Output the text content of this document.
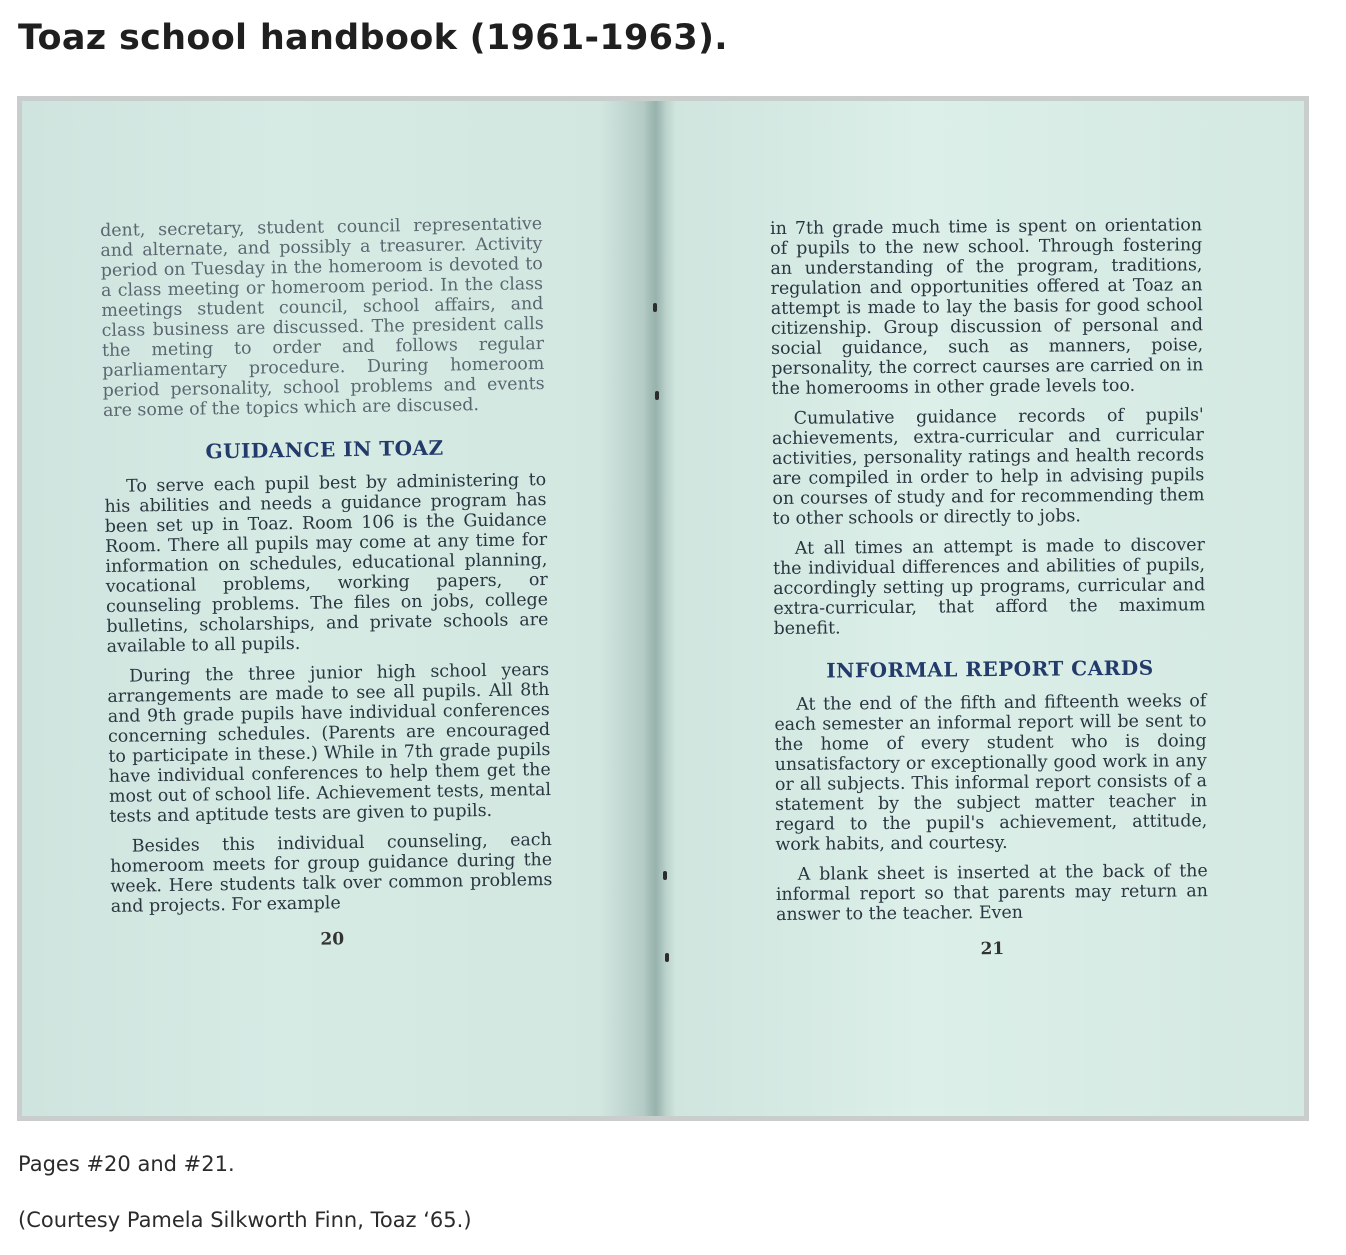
Toaz school handbook (1961-1963).

dent, secretary, student council representative and alternate, and possibly a treasurer. Activity period on Tuesday in the homeroom is devoted to a class meeting or homeroom period. In the class meetings student council, school affairs, and class business are discussed. The president calls the meting to order and follows regular parliamentary procedure. During homeroom period personality, school problems and events are some of the topics which are discused.

GUIDANCE IN TOAZ

To serve each pupil best by administering to his abilities and needs a guidance program has been set up in Toaz. Room 106 is the Guidance Room. There all pupils may come at any time for information on schedules, educational planning, vocational problems, working papers, or counseling problems. The files on jobs, college bulletins, scholarships, and private schools are available to all pupils.

During the three junior high school years arrangements are made to see all pupils. All 8th and 9th grade pupils have individual conferences concerning schedules. (Parents are encouraged to participate in these.) While in 7th grade pupils have individual conferences to help them get the most out of school life. Achievement tests, mental tests and aptitude tests are given to pupils.

Besides this individual counseling, each homeroom meets for group guidance during the week. Here students talk over common problems and projects. For example

20

in 7th grade much time is spent on orientation of pupils to the new school. Through fostering an understanding of the program, traditions, regulation and opportunities offered at Toaz an attempt is made to lay the basis for good school citizenship. Group discussion of personal and social guidance, such as manners, poise, personality, the correct caurses are carried on in the homerooms in other grade levels too.

Cumulative guidance records of pupils' achievements, extra-curricular and curricular activities, personality ratings and health records are compiled in order to help in advising pupils on courses of study and for recommending them to other schools or directly to jobs.

At all times an attempt is made to discover the individual differences and abilities of pupils, accordingly setting up programs, curricular and extra-curricular, that afford the maximum benefit.

INFORMAL REPORT CARDS

At the end of the fifth and fifteenth weeks of each semester an informal report will be sent to the home of every student who is doing unsatisfactory or exceptionally good work in any or all subjects. This informal report consists of a statement by the subject matter teacher in regard to the pupil's achievement, attitude, work habits, and courtesy.

A blank sheet is inserted at the back of the informal report so that parents may return an answer to the teacher. Even

21

Pages #20 and #21.

(Courtesy Pamela Silkworth Finn, Toaz ‘65.)
